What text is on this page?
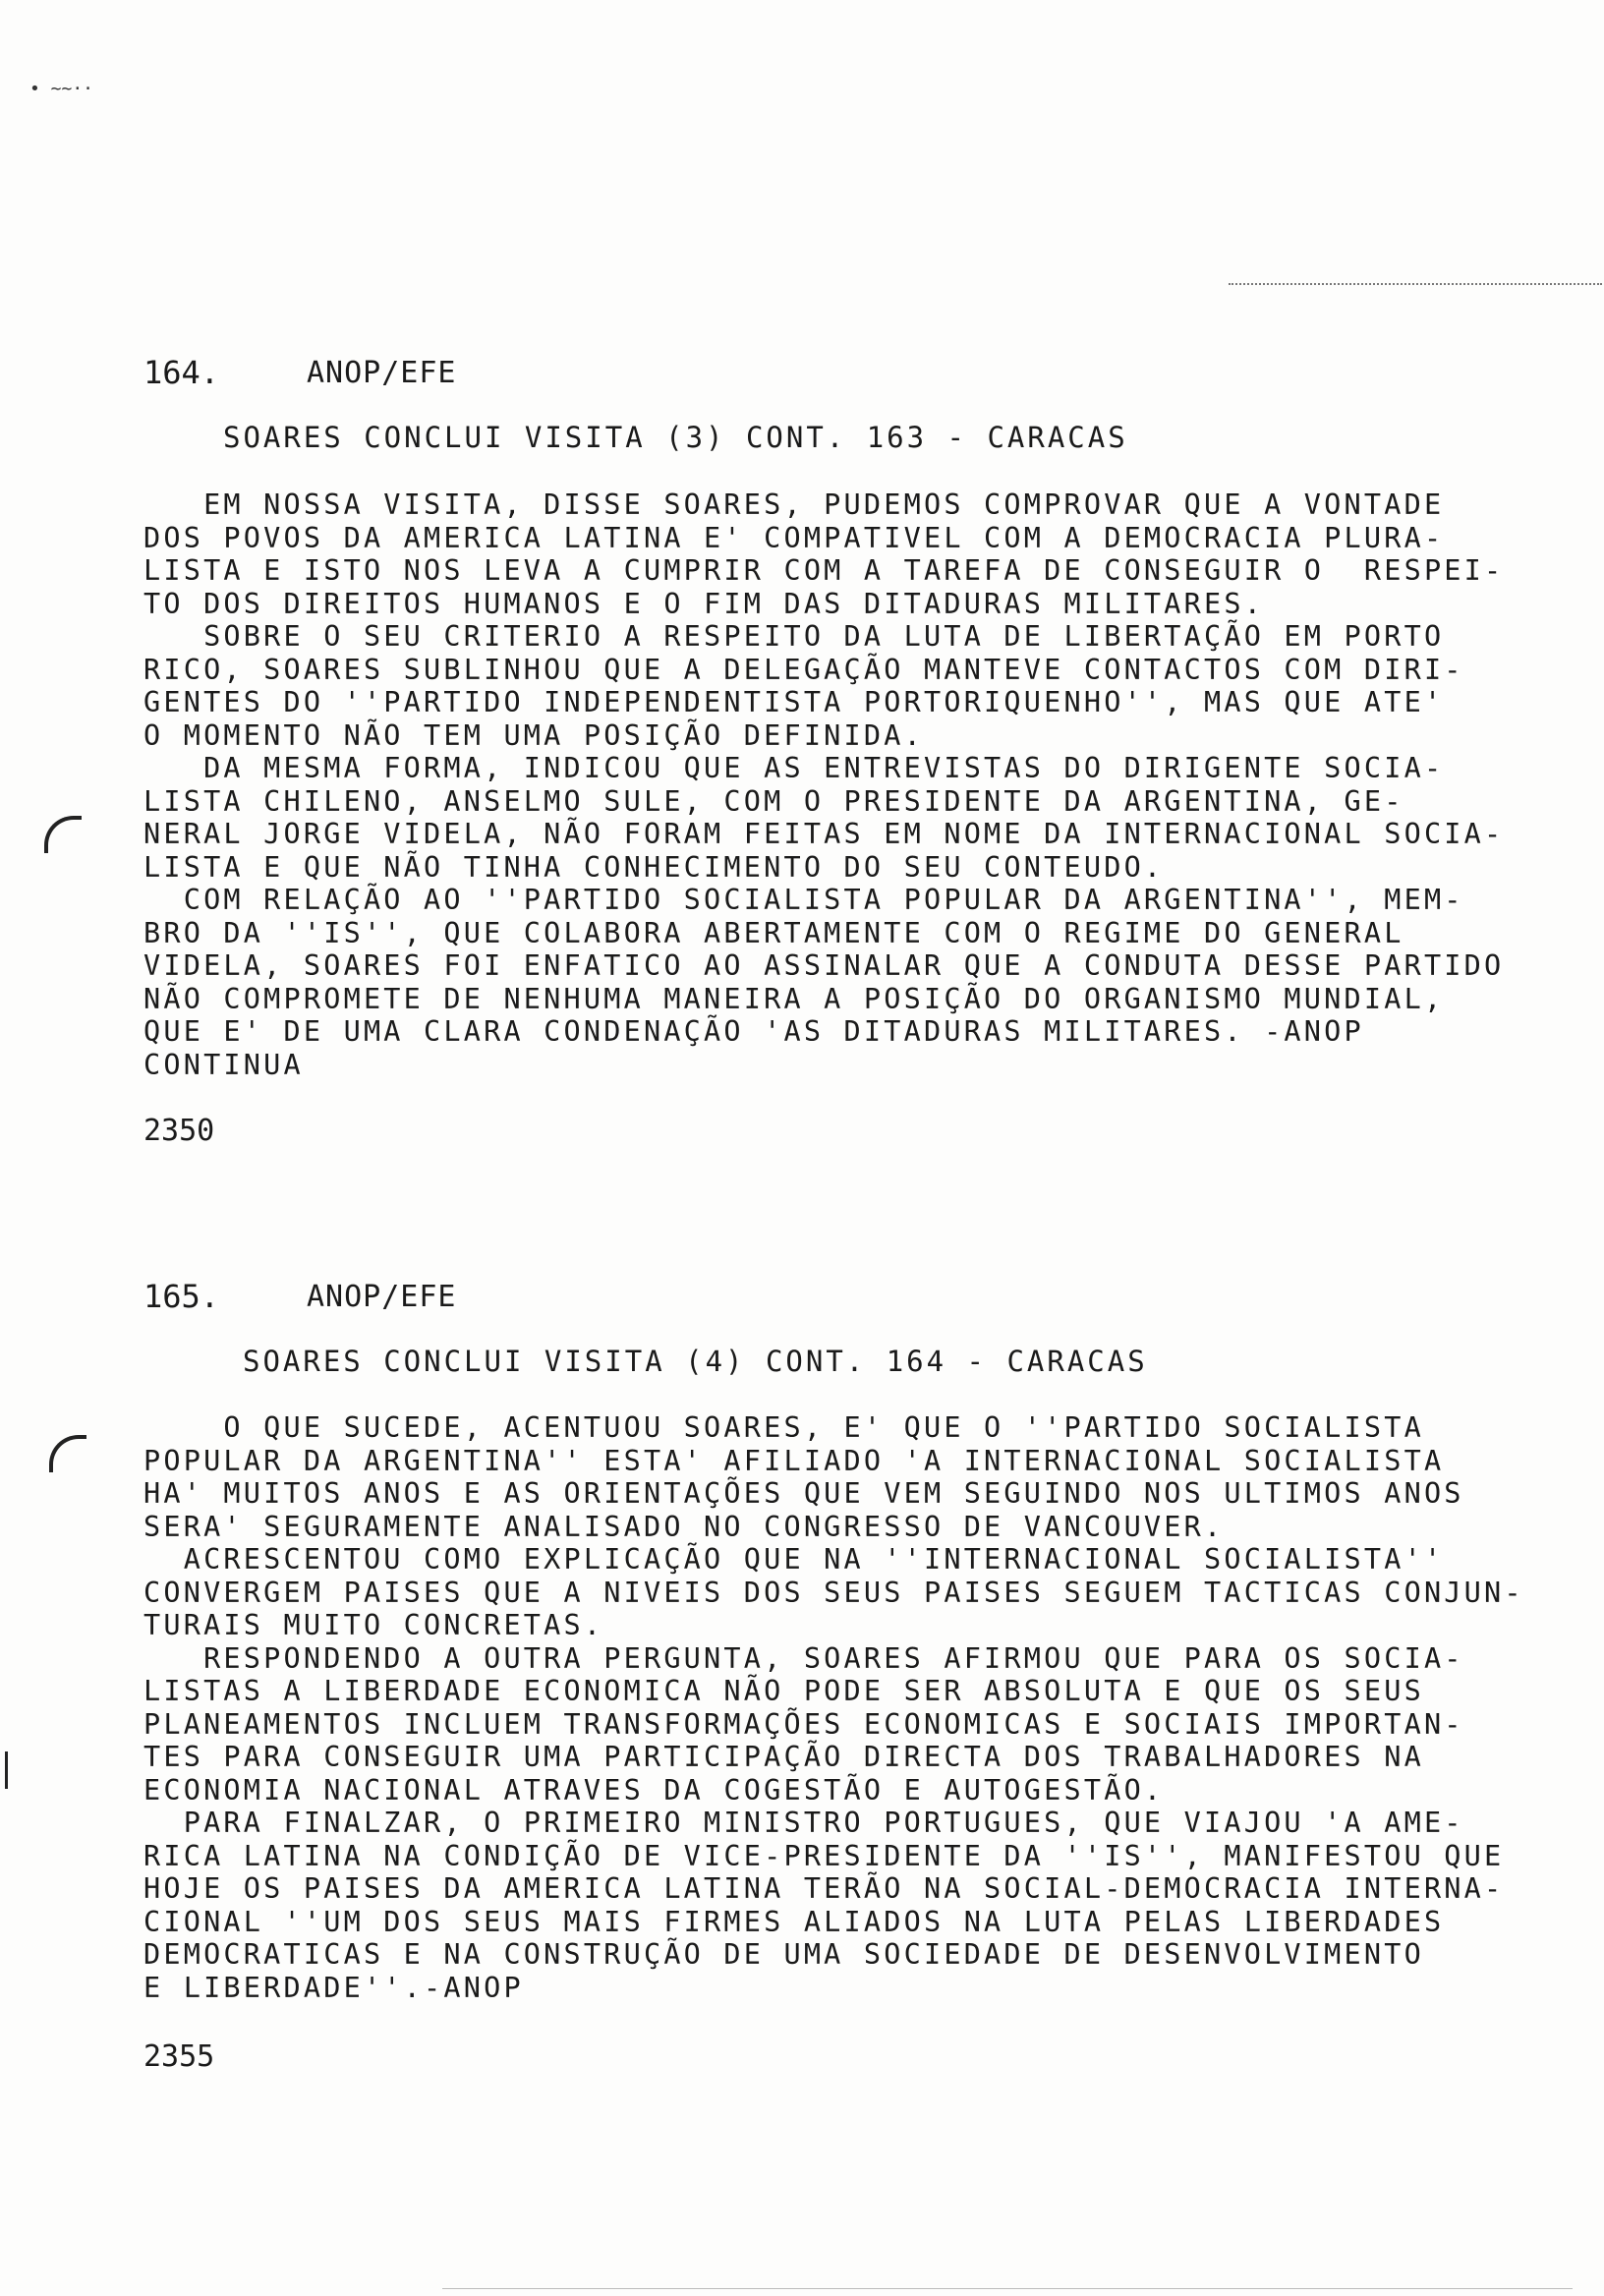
• ~~··
164.	ANOP/EFE
SOARES CONCLUI VISITA (3) CONT. 163 - CARACAS
EM NOSSA VISITA, DISSE SOARES, PUDEMOS COMPROVAR QUE A VONTADE
DOS POVOS DA AMERICA LATINA E' COMPATIVEL COM A DEMOCRACIA PLURA-
LISTA E ISTO NOS LEVA A CUMPRIR COM A TAREFA DE CONSEGUIR O  RESPEI-
TO DOS DIREITOS HUMANOS E O FIM DAS DITADURAS MILITARES.
SOBRE O SEU CRITERIO A RESPEITO DA LUTA DE LIBERTAÇÃO EM PORTO
RICO, SOARES SUBLINHOU QUE A DELEGAÇÃO MANTEVE CONTACTOS COM DIRI-
GENTES DO ''PARTIDO INDEPENDENTISTA PORTORIQUENHO'', MAS QUE ATE'
O MOMENTO NÃO TEM UMA POSIÇÃO DEFINIDA.
DA MESMA FORMA, INDICOU QUE AS ENTREVISTAS DO DIRIGENTE SOCIA-
LISTA CHILENO, ANSELMO SULE, COM O PRESIDENTE DA ARGENTINA, GE-
NERAL JORGE VIDELA, NÃO FORAM FEITAS EM NOME DA INTERNACIONAL SOCIA-
LISTA E QUE NÃO TINHA CONHECIMENTO DO SEU CONTEUDO.
COM RELAÇÃO AO ''PARTIDO SOCIALISTA POPULAR DA ARGENTINA'', MEM-
BRO DA ''IS'', QUE COLABORA ABERTAMENTE COM O REGIME DO GENERAL
VIDELA, SOARES FOI ENFATICO AO ASSINALAR QUE A CONDUTA DESSE PARTIDO
NÃO COMPROMETE DE NENHUMA MANEIRA A POSIÇÃO DO ORGANISMO MUNDIAL,
QUE E' DE UMA CLARA CONDENAÇÃO 'AS DITADURAS MILITARES. -ANOP
CONTINUA
2350
165.	ANOP/EFE
SOARES CONCLUI VISITA (4) CONT. 164 - CARACAS
O QUE SUCEDE, ACENTUOU SOARES, E' QUE O ''PARTIDO SOCIALISTA
POPULAR DA ARGENTINA'' ESTA' AFILIADO 'A INTERNACIONAL SOCIALISTA
HA' MUITOS ANOS E AS ORIENTAÇÕES QUE VEM SEGUINDO NOS ULTIMOS ANOS
SERA' SEGURAMENTE ANALISADO NO CONGRESSO DE VANCOUVER.
ACRESCENTOU COMO EXPLICAÇÃO QUE NA ''INTERNACIONAL SOCIALISTA''
CONVERGEM PAISES QUE A NIVEIS DOS SEUS PAISES SEGUEM TACTICAS CONJUN-
TURAIS MUITO CONCRETAS.
RESPONDENDO A OUTRA PERGUNTA, SOARES AFIRMOU QUE PARA OS SOCIA-
LISTAS A LIBERDADE ECONOMICA NÃO PODE SER ABSOLUTA E QUE OS SEUS
PLANEAMENTOS INCLUEM TRANSFORMAÇÕES ECONOMICAS E SOCIAIS IMPORTAN-
TES PARA CONSEGUIR UMA PARTICIPAÇÃO DIRECTA DOS TRABALHADORES NA
ECONOMIA NACIONAL ATRAVES DA COGESTÃO E AUTOGESTÃO.
PARA FINALZAR, O PRIMEIRO MINISTRO PORTUGUES, QUE VIAJOU 'A AME-
RICA LATINA NA CONDIÇÃO DE VICE-PRESIDENTE DA ''IS'', MANIFESTOU QUE
HOJE OS PAISES DA AMERICA LATINA TERÃO NA SOCIAL-DEMOCRACIA INTERNA-
CIONAL ''UM DOS SEUS MAIS FIRMES ALIADOS NA LUTA PELAS LIBERDADES
DEMOCRATICAS E NA CONSTRUÇÃO DE UMA SOCIEDADE DE DESENVOLVIMENTO
E LIBERDADE''.-ANOP
2355
